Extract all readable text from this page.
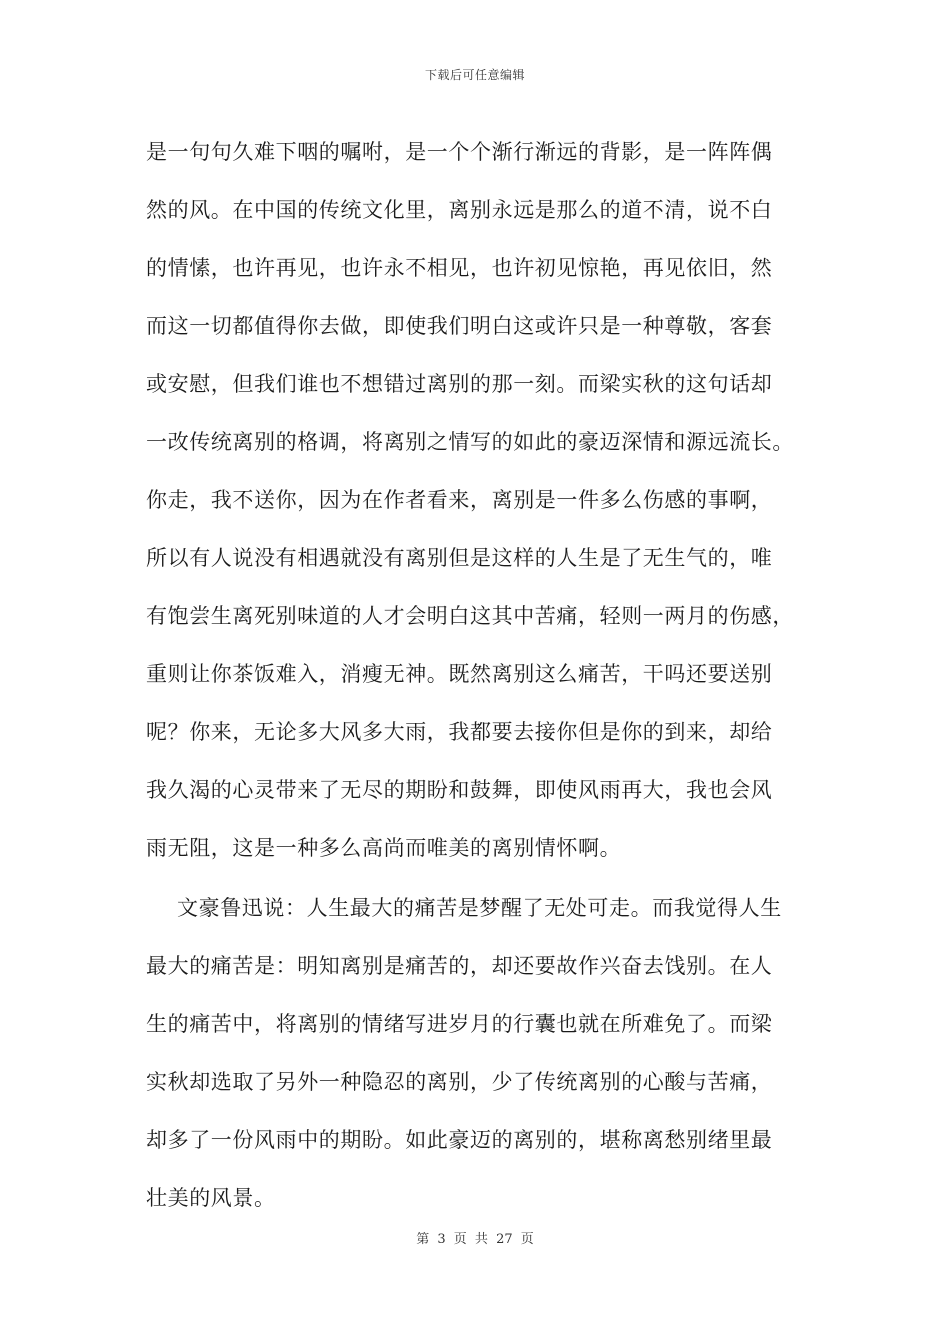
下载后可任意编辑
是一句句久难下咽的嘱咐，是一个个渐行渐远的背影，是一阵阵偶
然的风。在中国的传统文化里，离别永远是那么的道不清，说不白
的情愫，也许再见，也许永不相见，也许初见惊艳，再见依旧，然
而这一切都值得你去做，即使我们明白这或许只是一种尊敬，客套
或安慰，但我们谁也不想错过离别的那一刻。而梁实秋的这句话却
一改传统离别的格调，将离别之情写的如此的豪迈深情和源远流长。
你走，我不送你，因为在作者看来，离别是一件多么伤感的事啊，
所以有人说没有相遇就没有离别但是这样的人生是了无生气的，唯
有饱尝生离死别味道的人才会明白这其中苦痛，轻则一两月的伤感，
重则让你茶饭难入，消瘦无神。既然离别这么痛苦，干吗还要送别
呢？你来，无论多大风多大雨，我都要去接你但是你的到来，却给
我久渴的心灵带来了无尽的期盼和鼓舞，即使风雨再大，我也会风
雨无阻，这是一种多么高尚而唯美的离别情怀啊。
文豪鲁迅说：人生最大的痛苦是梦醒了无处可走。而我觉得人生
最大的痛苦是：明知离别是痛苦的，却还要故作兴奋去饯别。在人
生的痛苦中，将离别的情绪写进岁月的行囊也就在所难免了。而梁
实秋却选取了另外一种隐忍的离别，少了传统离别的心酸与苦痛，
却多了一份风雨中的期盼。如此豪迈的离别的，堪称离愁别绪里最
壮美的风景。
第 3 页 共 27 页
